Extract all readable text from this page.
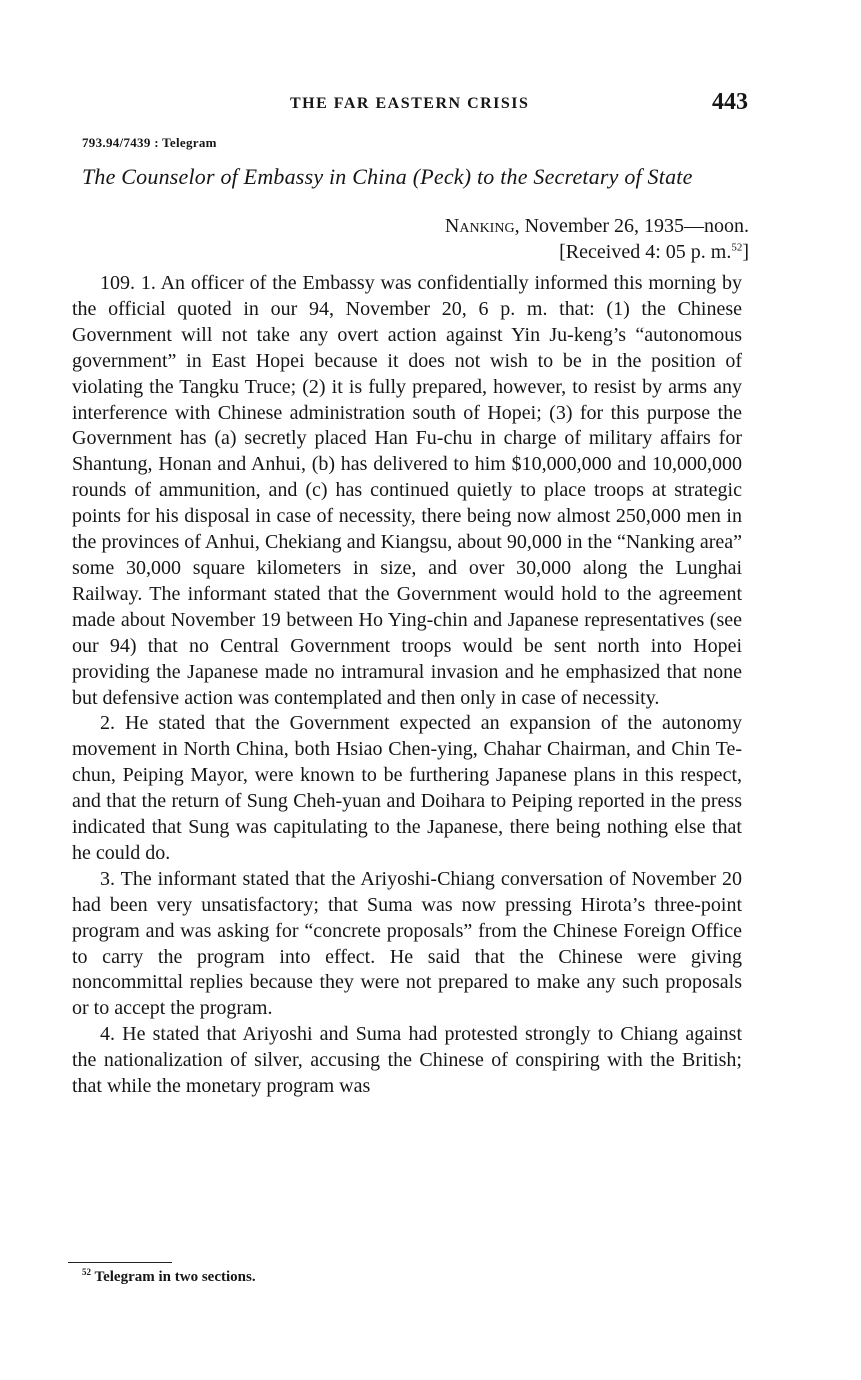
THE FAR EASTERN CRISIS	443
793.94/7439 : Telegram
The Counselor of Embassy in China (Peck) to the Secretary of State
Nanking, November 26, 1935—noon.
[Received 4: 05 p. m.$^{52}$]

109. 1. An officer of the Embassy was confidentially informed this morning by the official quoted in our 94, November 20, 6 p. m. that: (1) the Chinese Government will not take any overt action against Yin Ju-keng’s “autonomous government” in East Hopei because it does not wish to be in the position of violating the Tangku Truce; (2) it is fully prepared, however, to resist by arms any interference with Chinese administration south of Hopei; (3) for this purpose the Government has (a) secretly placed Han Fu-chu in charge of military affairs for Shantung, Honan and Anhui, (b) has delivered to him $10,000,000 and 10,000,000 rounds of ammunition, and (c) has continued quietly to place troops at strategic points for his disposal in case of necessity, there being now almost 250,000 men in the provinces of Anhui, Chekiang and Kiangsu, about 90,000 in the “Nanking area” some 30,000 square kilometers in size, and over 30,000 along the Lunghai Railway. The informant stated that the Government would hold to the agreement made about November 19 between Ho Ying-chin and Japanese representatives (see our 94) that no Central Government troops would be sent north into Hopei providing the Japanese made no intramural invasion and he emphasized that none but defensive action was contemplated and then only in case of necessity.

2. He stated that the Government expected an expansion of the autonomy movement in North China, both Hsiao Chen-ying, Chahar Chairman, and Chin Te-chun, Peiping Mayor, were known to be furthering Japanese plans in this respect, and that the return of Sung Cheh-yuan and Doihara to Peiping reported in the press indicated that Sung was capitulating to the Japanese, there being nothing else that he could do.

3. The informant stated that the Ariyoshi-Chiang conversation of November 20 had been very unsatisfactory; that Suma was now pressing Hirota’s three-point program and was asking for “concrete proposals” from the Chinese Foreign Office to carry the program into effect. He said that the Chinese were giving noncommittal replies because they were not prepared to make any such proposals or to accept the program.

4. He stated that Ariyoshi and Suma had protested strongly to Chiang against the nationalization of silver, accusing the Chinese of conspiring with the British; that while the monetary program was

$^{52}$ Telegram in two sections.
